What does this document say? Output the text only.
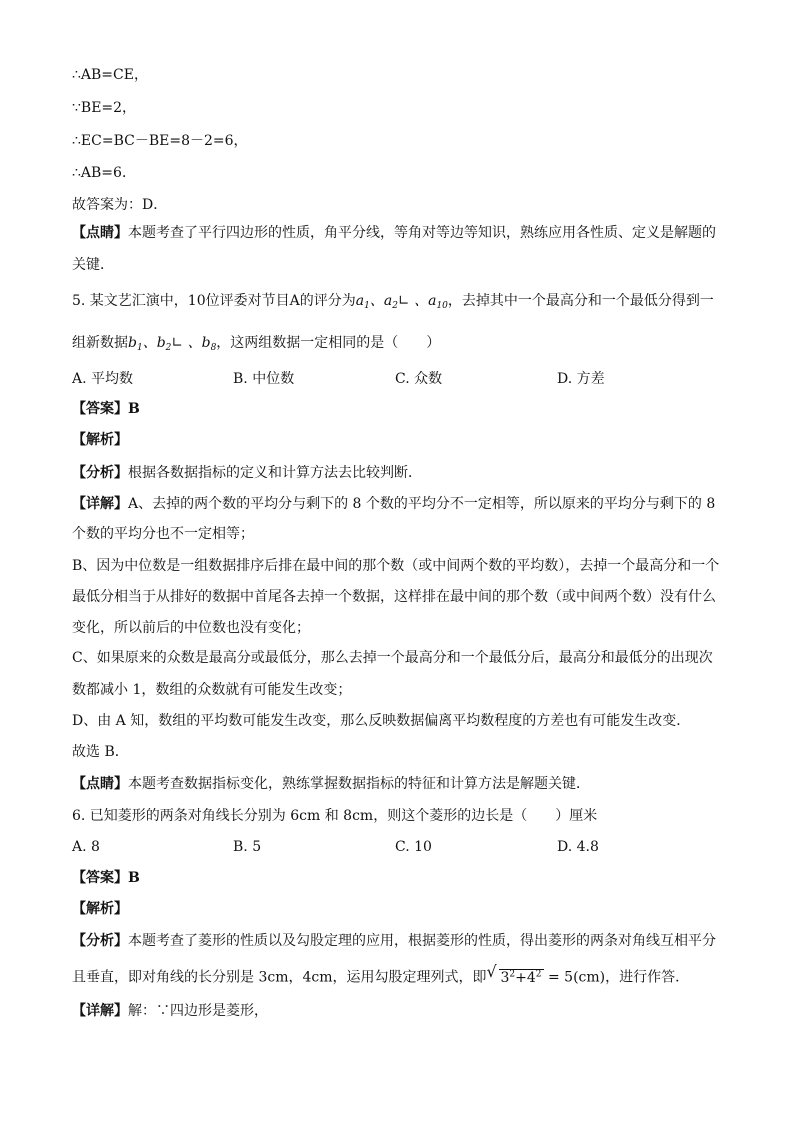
∴AB=CE，
∵BE=2，
∴EC=BC－BE=8－2=6，
∴AB=6．
故答案为：D．
【点睛】本题考查了平行四边形的性质，角平分线，等角对等边等知识，熟练应用各性质、定义是解题的
关键．
5. 某文艺汇演中，10位评委对节目A的评分为$a_1$、$a_2∟$ 、$a_{10}$，去掉其中一个最高分和一个最低分得到一
组新数据$b_1$、$b_2∟$ 、$b_8$，这两组数据一定相同的是（　　）
A. 平均数	B. 中位数	C. 众数	D. 方差
【答案】B
【解析】
【分析】根据各数据指标的定义和计算方法去比较判断．
【详解】A、去掉的两个数的平均分与剩下的 8 个数的平均分不一定相等，所以原来的平均分与剩下的 8
个数的平均分也不一定相等；
B、因为中位数是一组数据排序后排在最中间的那个数（或中间两个数的平均数），去掉一个最高分和一个
最低分相当于从排好的数据中首尾各去掉一个数据，这样排在最中间的那个数（或中间两个数）没有什么
变化，所以前后的中位数也没有变化；
C、如果原来的众数是最高分或最低分，那么去掉一个最高分和一个最低分后，最高分和最低分的出现次
数都减小 1，数组的众数就有可能发生改变；
D、由 A 知，数组的平均数可能发生改变，那么反映数据偏离平均数程度的方差也有可能发生改变．
故选 B．
【点睛】本题考查数据指标变化，熟练掌握数据指标的特征和计算方法是解题关键．
6. 已知菱形的两条对角线长分别为 6cm 和 8cm，则这个菱形的边长是（　　）厘米
A. 8	B. 5	C. 10	D. 4.8
【答案】B
【解析】
【分析】本题考查了菱形的性质以及勾股定理的应用，根据菱形的性质，得出菱形的两条对角线互相平分
且垂直，即对角线的长分别是 3cm，4cm，运用勾股定理列式，即 √ $3^2+4^2 = 5(cm)$，进行作答．
【详解】解：∵四边形是菱形，
